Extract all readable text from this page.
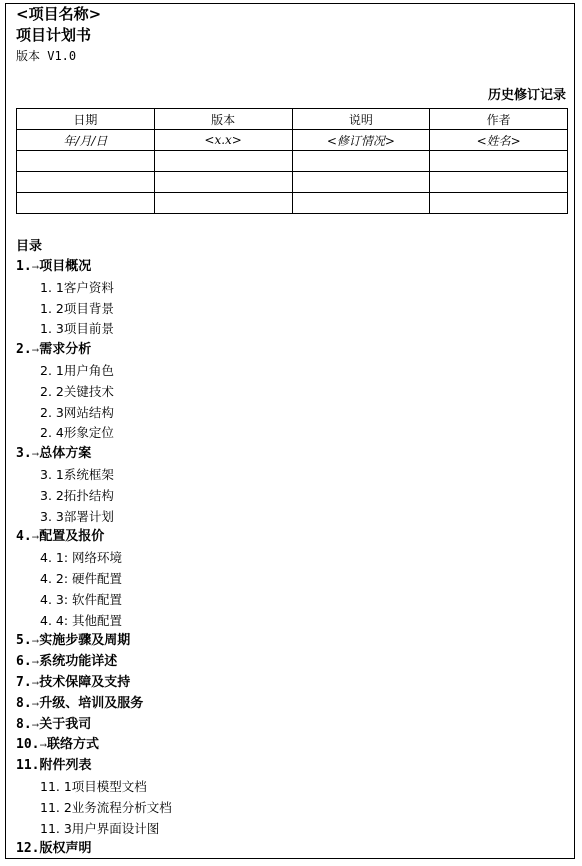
<项目名称>
项目计划书
版本 V1.0
历史修订记录
日期	版本	说明	作者
年/月/日	<x.x>	<修订情况>	<姓名>

目录
1.→项目概况
1. 1客户资料
1. 2项目背景
1. 3项目前景
2.→需求分析
2. 1用户角色
2. 2关键技术
2. 3网站结构
2. 4形象定位
3.→总体方案
3. 1系统框架
3. 2拓扑结构
3. 3部署计划
4.→配置及报价
4. 1: 网络环境
4. 2: 硬件配置
4. 3: 软件配置
4. 4: 其他配置
5.→实施步骤及周期
6.→系统功能详述
7.→技术保障及支持
8.→升级、培训及服务
8.→关于我司
10.→联络方式
11.附件列表
11. 1项目模型文档
11. 2业务流程分析文档
11. 3用户界面设计图
12.版权声明
